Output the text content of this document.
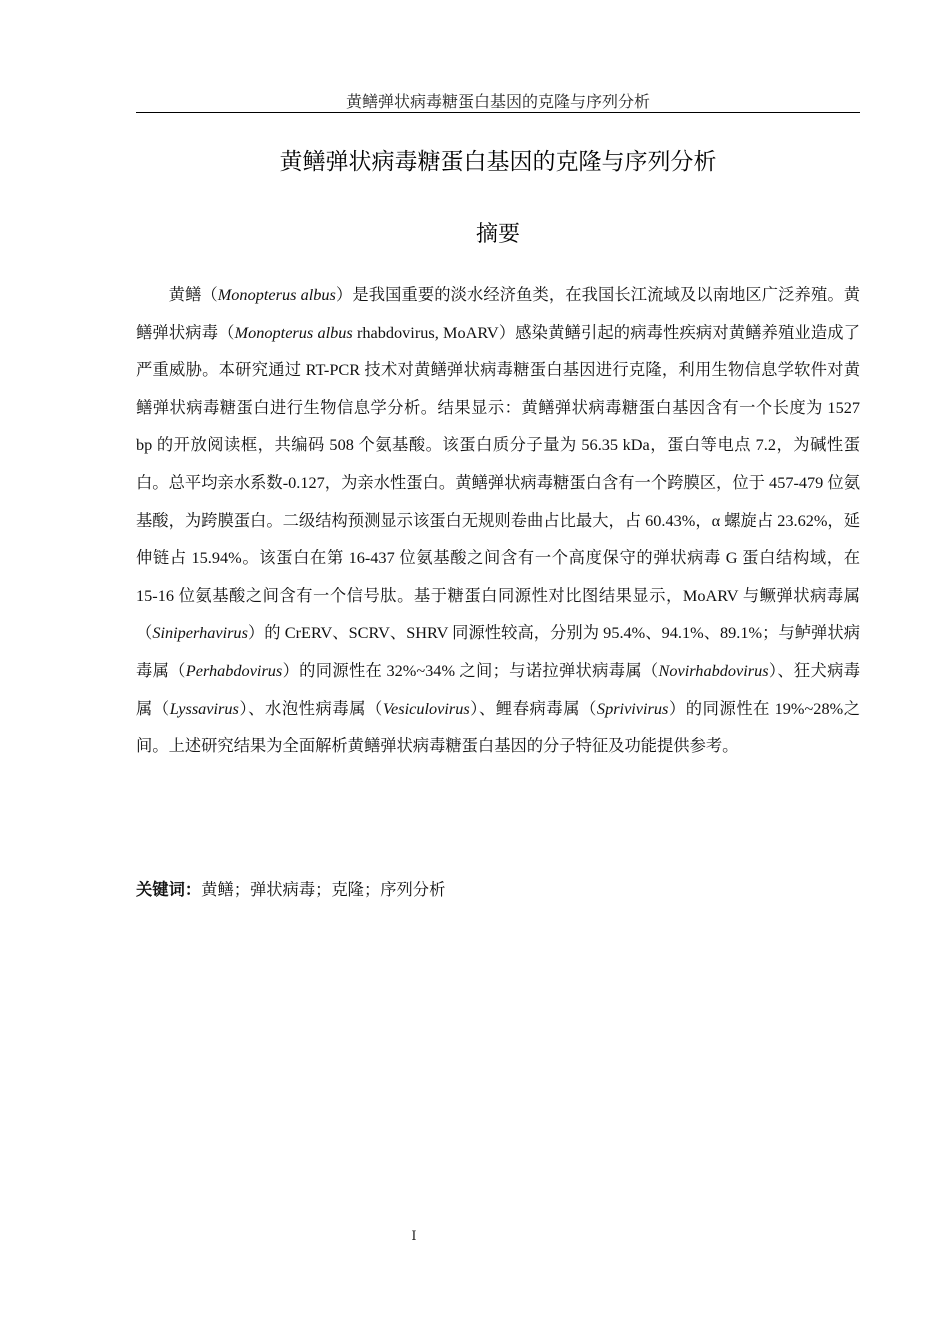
黄鳝弹状病毒糖蛋白基因的克隆与序列分析
黄鳝弹状病毒糖蛋白基因的克隆与序列分析
摘要

黄鳝（Monopterus albus）是我国重要的淡水经济鱼类，在我国长江流域及以南地区广泛养殖。黄鳝弹状病毒（Monopterus albus rhabdovirus, MoARV）感染黄鳝引起的病毒性疾病对黄鳝养殖业造成了严重威胁。本研究通过 RT-PCR 技术对黄鳝弹状病毒糖蛋白基因进行克隆，利用生物信息学软件对黄鳝弹状病毒糖蛋白进行生物信息学分析。结果显示：黄鳝弹状病毒糖蛋白基因含有一个长度为 1527 bp 的开放阅读框，共编码 508 个氨基酸。该蛋白质分子量为 56.35 kDa，蛋白等电点 7.2，为碱性蛋白。总平均亲水系数-0.127，为亲水性蛋白。黄鳝弹状病毒糖蛋白含有一个跨膜区，位于 457-479 位氨基酸，为跨膜蛋白。二级结构预测显示该蛋白无规则卷曲占比最大，占 60.43%，α 螺旋占 23.62%，延伸链占 15.94%。该蛋白在第 16-437 位氨基酸之间含有一个高度保守的弹状病毒 G 蛋白结构域，在 15-16 位氨基酸之间含有一个信号肽。基于糖蛋白同源性对比图结果显示，MoARV 与鳜弹状病毒属（Siniperhavirus）的 CrERV、SCRV、SHRV 同源性较高，分别为 95.4%、94.1%、89.1%；与鲈弹状病毒属（Perhabdovirus）的同源性在 32%~34% 之间；与诺拉弹状病毒属（Novirhabdovirus）、狂犬病毒属（Lyssavirus）、水泡性病毒属（Vesiculovirus）、鲤春病毒属（Sprivivirus）的同源性在 19%~28%之间。上述研究结果为全面解析黄鳝弹状病毒糖蛋白基因的分子特征及功能提供参考。

关键词：黄鳝；弹状病毒；克隆；序列分析
I
